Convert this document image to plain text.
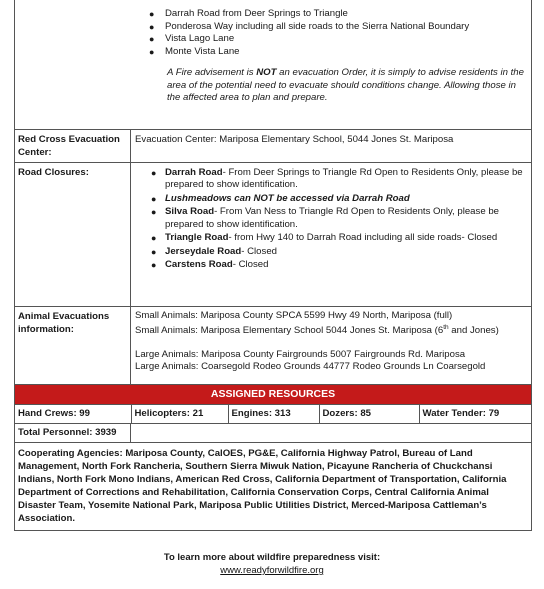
● Darrah Road from Deer Springs to Triangle
● Ponderosa Way including all side roads to the Sierra National Boundary
● Vista Lago Lane
● Monte Vista Lane

A Fire advisement is NOT an evacuation Order, it is simply to advise residents in the area of the potential need to evacuate should conditions change. Allowing those in the affected area to plan and prepare.

Red Cross Evacuation Center:	Evacuation Center: Mariposa Elementary School, 5044 Jones St. Mariposa
Road Closures:	● Darrah Road- From Deer Springs to Triangle Rd Open to Residents Only, please be prepared to show identification.
● Lushmeadows can NOT be accessed via Darrah Road
● Silva Road- From Van Ness to Triangle Rd Open to Residents Only, please be prepared to show identification.
● Triangle Road- from Hwy 140 to Darrah Road including all side roads- Closed
● Jerseydale Road- Closed
● Carstens Road- Closed

Animal Evacuations information:	
Small Animals: Mariposa County SPCA 5599 Hwy 49 North, Mariposa (full)
Small Animals: Mariposa Elementary School 5044 Jones St. Mariposa (6th and Jones)
Large Animals: Mariposa County Fairgrounds 5007 Fairgrounds Rd. Mariposa
Large Animals: Coarsegold Rodeo Grounds 44777 Rodeo Grounds Ln Coarsegold

ASSIGNED RESOURCES

Hand Crews: 99	Helicopters: 21	Engines: 313	Dozers: 85	Water Tender: 79

Total Personnel: 3939	
Cooperating Agencies: Mariposa County, CalOES, PG&E, California Highway Patrol, Bureau of Land Management, North Fork Rancheria, Southern Sierra Miwuk Nation, Picayune Rancheria of Chuckchansi Indians, North Fork Mono Indians, American Red Cross, California Department of Transportation, California Department of Corrections and Rehabilitation, California Conservation Corps, Central California Animal Disaster Team, Yosemite National Park, Mariposa Public Utilities District, Merced-Mariposa Cattleman’s Association.
To learn more about wildfire preparedness visit:
www.readyforwildfire.org
